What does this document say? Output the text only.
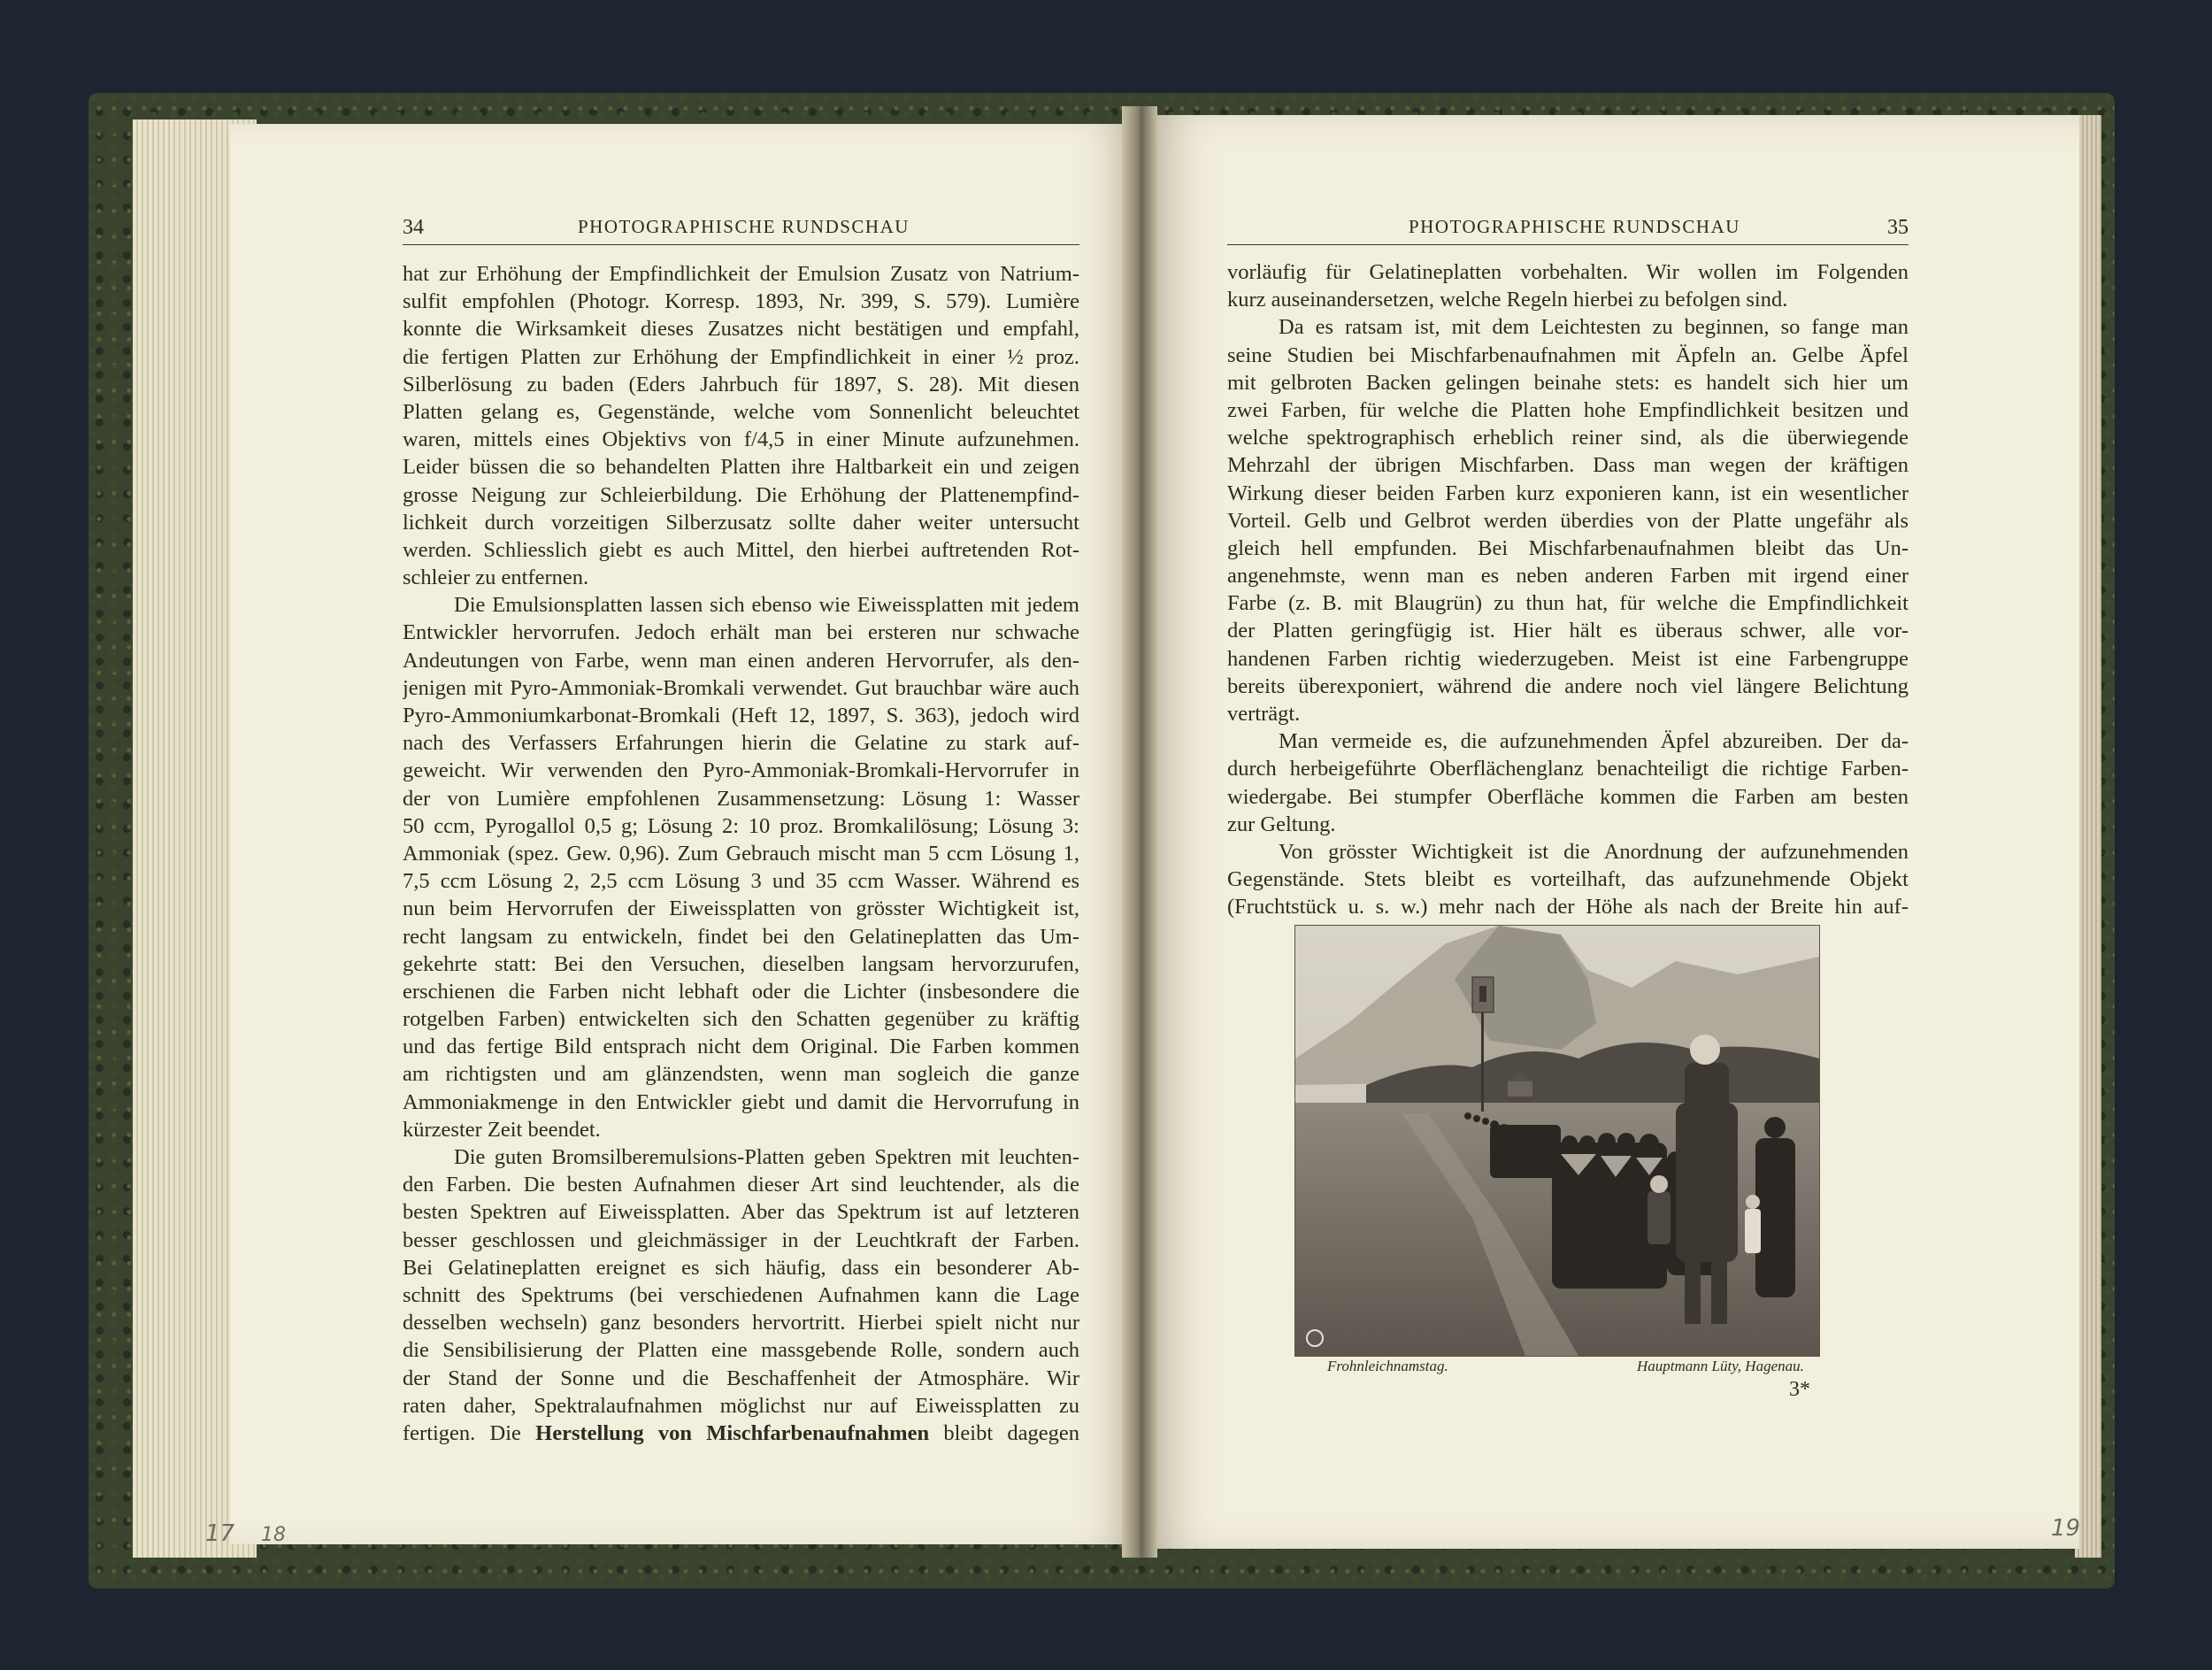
34	PHOTOGRAPHISCHE RUNDSCHAU	PHOTOGRAPHISCHE RUNDSCHAU	35
hat zur Erhöhung der Empfindlichkeit der Emulsion Zusatz von Natrium-
sulfit empfohlen (Photogr. Korresp. 1893, Nr. 399, S. 579). Lumière
konnte die Wirksamkeit dieses Zusatzes nicht bestätigen und empfahl,
die fertigen Platten zur Erhöhung der Empfindlichkeit in einer ½ proz.
Silberlösung zu baden (Eders Jahrbuch für 1897, S. 28). Mit diesen
Platten gelang es, Gegenstände, welche vom Sonnenlicht beleuchtet
waren, mittels eines Objektivs von f/4,5 in einer Minute aufzunehmen.
Leider büssen die so behandelten Platten ihre Haltbarkeit ein und zeigen
grosse Neigung zur Schleierbildung. Die Erhöhung der Plattenempfind-
lichkeit durch vorzeitigen Silberzusatz sollte daher weiter untersucht
werden. Schliesslich giebt es auch Mittel, den hierbei auftretenden Rot-
schleier zu entfernen.
Die Emulsionsplatten lassen sich ebenso wie Eiweissplatten mit jedem
Entwickler hervorrufen. Jedoch erhält man bei ersteren nur schwache
Andeutungen von Farbe, wenn man einen anderen Hervorrufer, als den-
jenigen mit Pyro-Ammoniak-Bromkali verwendet. Gut brauchbar wäre auch
Pyro-Ammoniumkarbonat-Bromkali (Heft 12, 1897, S. 363), jedoch wird
nach des Verfassers Erfahrungen hierin die Gelatine zu stark auf-
geweicht. Wir verwenden den Pyro-Ammoniak-Bromkali-Hervorrufer in
der von Lumière empfohlenen Zusammensetzung: Lösung 1: Wasser
50 ccm, Pyrogallol 0,5 g; Lösung 2: 10 proz. Bromkalilösung; Lösung 3:
Ammoniak (spez. Gew. 0,96). Zum Gebrauch mischt man 5 ccm Lösung 1,
7,5 ccm Lösung 2, 2,5 ccm Lösung 3 und 35 ccm Wasser. Während es
nun beim Hervorrufen der Eiweissplatten von grösster Wichtigkeit ist,
recht langsam zu entwickeln, findet bei den Gelatineplatten das Um-
gekehrte statt: Bei den Versuchen, dieselben langsam hervorzurufen,
erschienen die Farben nicht lebhaft oder die Lichter (insbesondere die
rotgelben Farben) entwickelten sich den Schatten gegenüber zu kräftig
und das fertige Bild entsprach nicht dem Original. Die Farben kommen
am richtigsten und am glänzendsten, wenn man sogleich die ganze
Ammoniakmenge in den Entwickler giebt und damit die Hervorrufung in
kürzester Zeit beendet.
Die guten Bromsilberemulsions-Platten geben Spektren mit leuchten-
den Farben. Die besten Aufnahmen dieser Art sind leuchtender, als die
besten Spektren auf Eiweissplatten. Aber das Spektrum ist auf letzteren
besser geschlossen und gleichmässiger in der Leuchtkraft der Farben.
Bei Gelatineplatten ereignet es sich häufig, dass ein besonderer Ab-
schnitt des Spektrums (bei verschiedenen Aufnahmen kann die Lage
desselben wechseln) ganz besonders hervortritt. Hierbei spielt nicht nur
die Sensibilisierung der Platten eine massgebende Rolle, sondern auch
der Stand der Sonne und die Beschaffenheit der Atmosphäre. Wir
raten daher, Spektralaufnahmen möglichst nur auf Eiweissplatten zu
fertigen. Die Herstellung von Mischfarbenaufnahmen bleibt dagegen
vorläufig für Gelatineplatten vorbehalten. Wir wollen im Folgenden
kurz auseinandersetzen, welche Regeln hierbei zu befolgen sind.
Da es ratsam ist, mit dem Leichtesten zu beginnen, so fange man
seine Studien bei Mischfarbenaufnahmen mit Äpfeln an. Gelbe Äpfel
mit gelbroten Backen gelingen beinahe stets: es handelt sich hier um
zwei Farben, für welche die Platten hohe Empfindlichkeit besitzen und
welche spektrographisch erheblich reiner sind, als die überwiegende
Mehrzahl der übrigen Mischfarben. Dass man wegen der kräftigen
Wirkung dieser beiden Farben kurz exponieren kann, ist ein wesentlicher
Vorteil. Gelb und Gelbrot werden überdies von der Platte ungefähr als
gleich hell empfunden. Bei Mischfarbenaufnahmen bleibt das Un-
angenehmste, wenn man es neben anderen Farben mit irgend einer
Farbe (z. B. mit Blaugrün) zu thun hat, für welche die Empfindlichkeit
der Platten geringfügig ist. Hier hält es überaus schwer, alle vor-
handenen Farben richtig wiederzugeben. Meist ist eine Farbengruppe
bereits überexponiert, während die andere noch viel längere Belichtung
verträgt.
Man vermeide es, die aufzunehmenden Äpfel abzureiben. Der da-
durch herbeigeführte Oberflächenglanz benachteiligt die richtige Farben-
wiedergabe. Bei stumpfer Oberfläche kommen die Farben am besten
zur Geltung.
Von grösster Wichtigkeit ist die Anordnung der aufzunehmenden
Gegenstände. Stets bleibt es vorteilhaft, das aufzunehmende Objekt
(Fruchtstück u. s. w.) mehr nach der Höhe als nach der Breite hin auf-
Frohnleichnamstag.	Hauptmann Lüty, Hagenau.
3*
17 18	19
